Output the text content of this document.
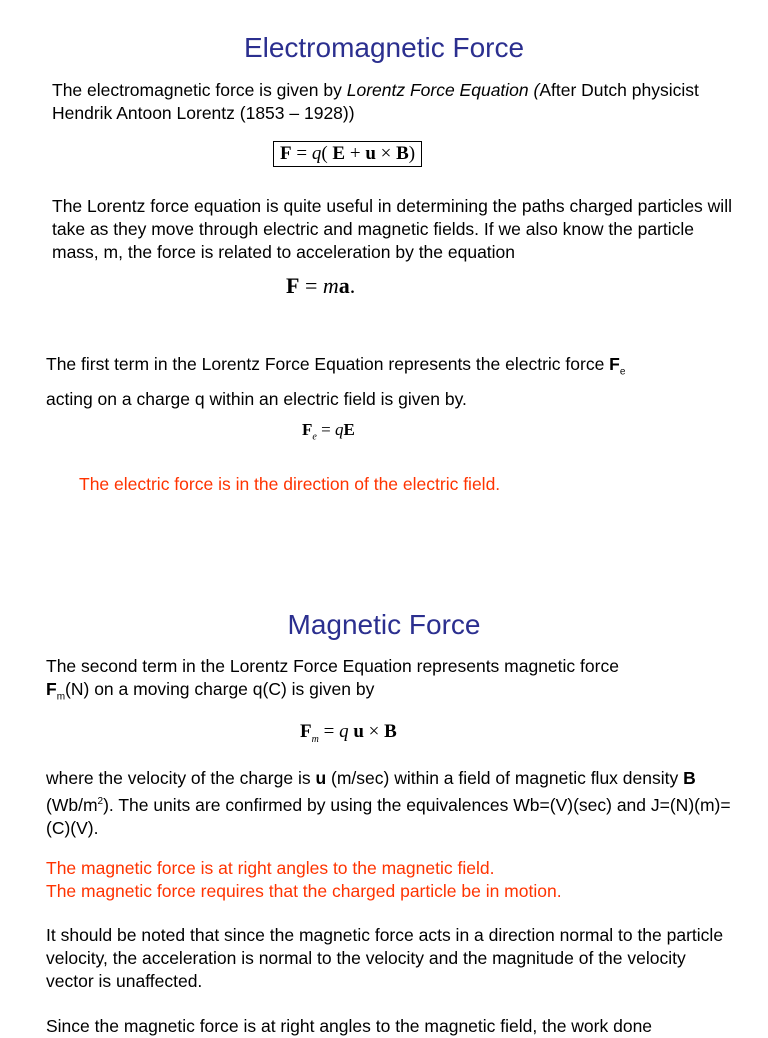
Electromagnetic Force

The electromagnetic force is given by Lorentz Force Equation (After Dutch physicist Hendrik Antoon Lorentz (1853 – 1928))

F = q( E + u × B)

The Lorentz force equation is quite useful in determining the paths charged particles will take as they move through electric and magnetic fields. If we also know the particle mass, m, the force is related to acceleration by the equation

F = ma.

The first term in the Lorentz Force Equation represents the electric force $F_e$
acting on a charge q within an electric field is given by.

$F_e$ = qE

The electric force is in the direction of the electric field.

Magnetic Force

The second term in the Lorentz Force Equation represents magnetic force
$F_m(N)$ on a moving charge q(C) is given by

$F_m = q$ u × B

where the velocity of the charge is u (m/sec) within a field of magnetic flux density B $(Wb/m^2)$. The units are confirmed by using the equivalences Wb=(V)(sec) and J=(N)(m)=(C)(V).

The magnetic force is at right angles to the magnetic field.
The magnetic force requires that the charged particle be in motion.

It should be noted that since the magnetic force acts in a direction normal to the particle velocity, the acceleration is normal to the velocity and the magnitude of the velocity vector is unaffected.

Since the magnetic force is at right angles to the magnetic field, the work done
